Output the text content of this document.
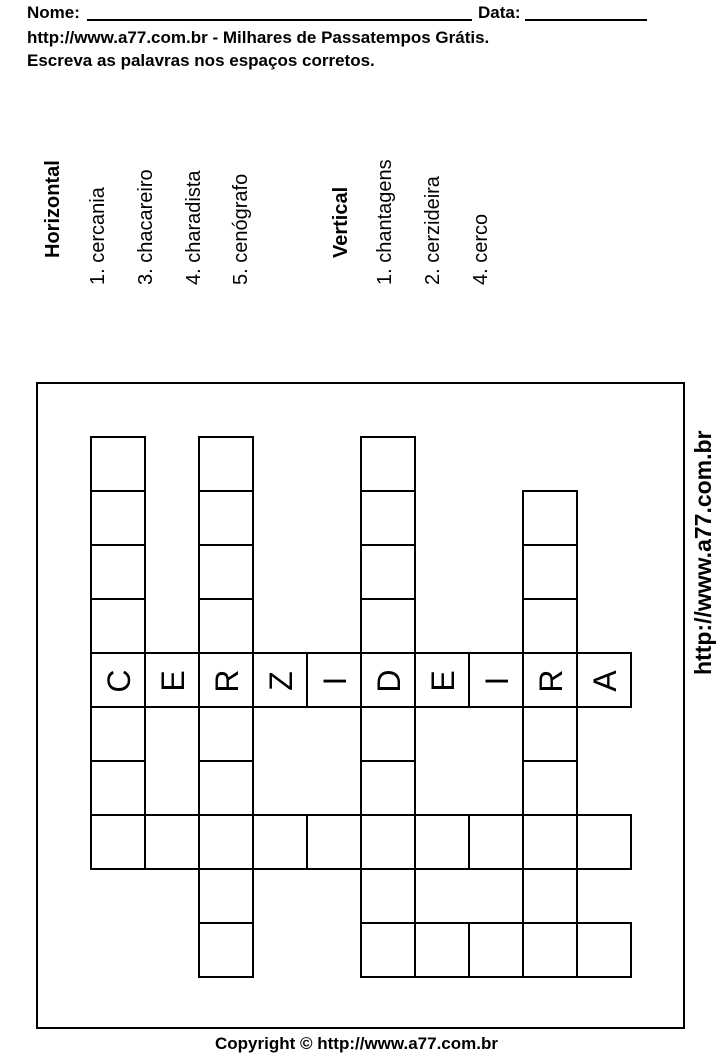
Nome:	Data:
http://www.a77.com.br - Milhares de Passatempos Grátis.
Escreva as palavras nos espaços corretos.
Horizontal 1. cercania 3. chacareiro 4. charadista 5. cenógrafo	Vertical 1. chantagens 2. cerzideira 4. cerco
C E R Z I D E I R A
http://www.a77.com.br
Copyright © http://www.a77.com.br
